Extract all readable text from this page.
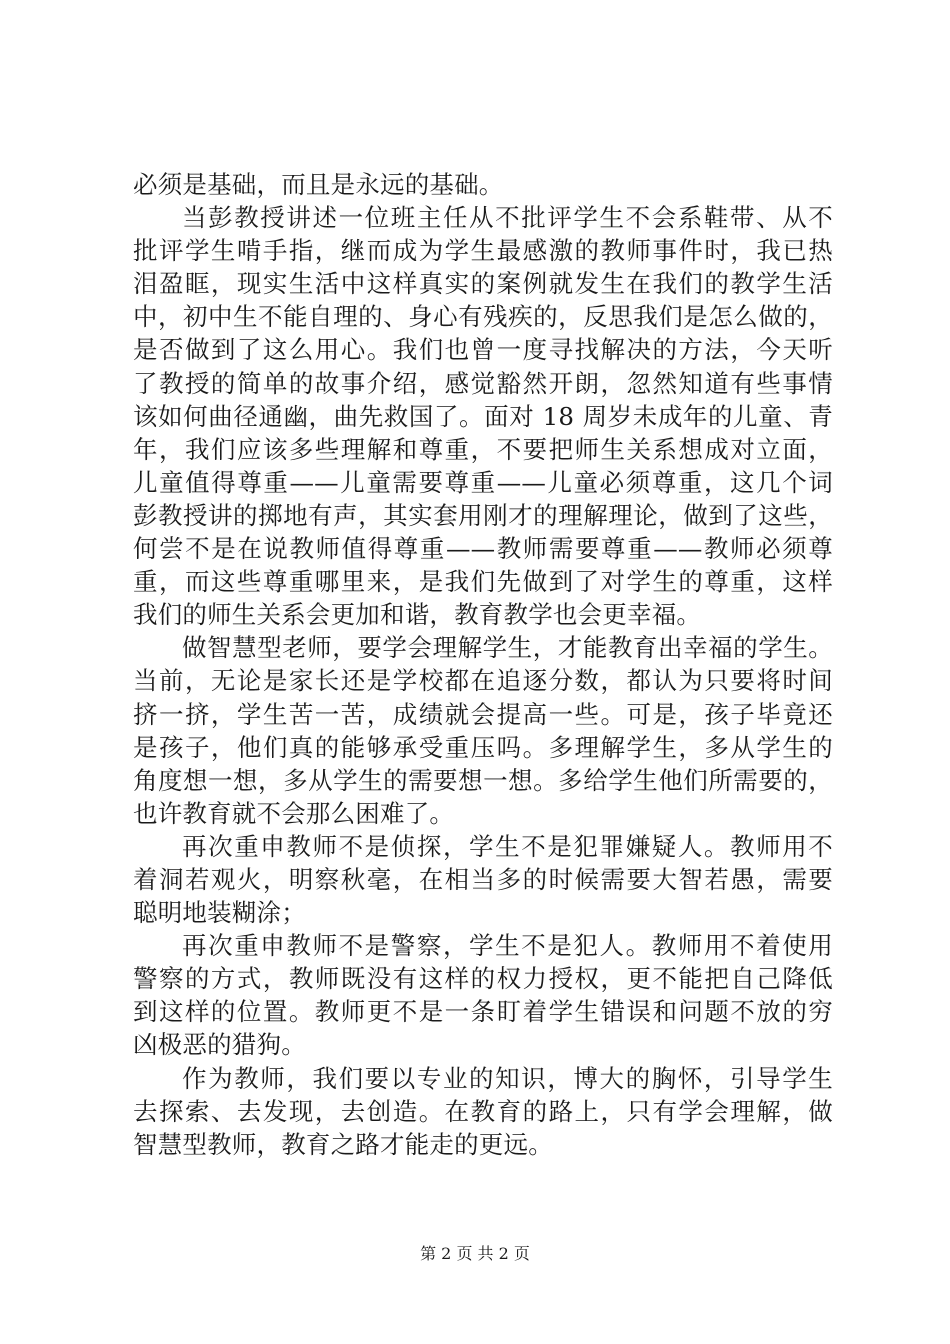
必须是基础，而且是永远的基础。
当彭教授讲述一位班主任从不批评学生不会系鞋带、从不
批评学生啃手指，继而成为学生最感激的教师事件时，我已热
泪盈眶，现实生活中这样真实的案例就发生在我们的教学生活
中，初中生不能自理的、身心有残疾的，反思我们是怎么做的，
是否做到了这么用心。我们也曾一度寻找解决的方法，今天听
了教授的简单的故事介绍，感觉豁然开朗，忽然知道有些事情
该如何曲径通幽，曲先救国了。面对 18 周岁未成年的儿童、青
年，我们应该多些理解和尊重，不要把师生关系想成对立面，
儿童值得尊重——儿童需要尊重——儿童必须尊重，这几个词
彭教授讲的掷地有声，其实套用刚才的理解理论，做到了这些，
何尝不是在说教师值得尊重——教师需要尊重——教师必须尊
重，而这些尊重哪里来，是我们先做到了对学生的尊重，这样
我们的师生关系会更加和谐，教育教学也会更幸福。
做智慧型老师，要学会理解学生，才能教育出幸福的学生。
当前，无论是家长还是学校都在追逐分数，都认为只要将时间
挤一挤，学生苦一苦，成绩就会提高一些。可是，孩子毕竟还
是孩子，他们真的能够承受重压吗。多理解学生，多从学生的
角度想一想，多从学生的需要想一想。多给学生他们所需要的，
也许教育就不会那么困难了。
再次重申教师不是侦探，学生不是犯罪嫌疑人。教师用不
着洞若观火，明察秋毫，在相当多的时候需要大智若愚，需要
聪明地装糊涂；
再次重申教师不是警察，学生不是犯人。教师用不着使用
警察的方式，教师既没有这样的权力授权，更不能把自己降低
到这样的位置。教师更不是一条盯着学生错误和问题不放的穷
凶极恶的猎狗。
作为教师，我们要以专业的知识，博大的胸怀，引导学生
去探索、去发现，去创造。在教育的路上，只有学会理解，做
智慧型教师，教育之路才能走的更远。
第 2 页 共 2 页
